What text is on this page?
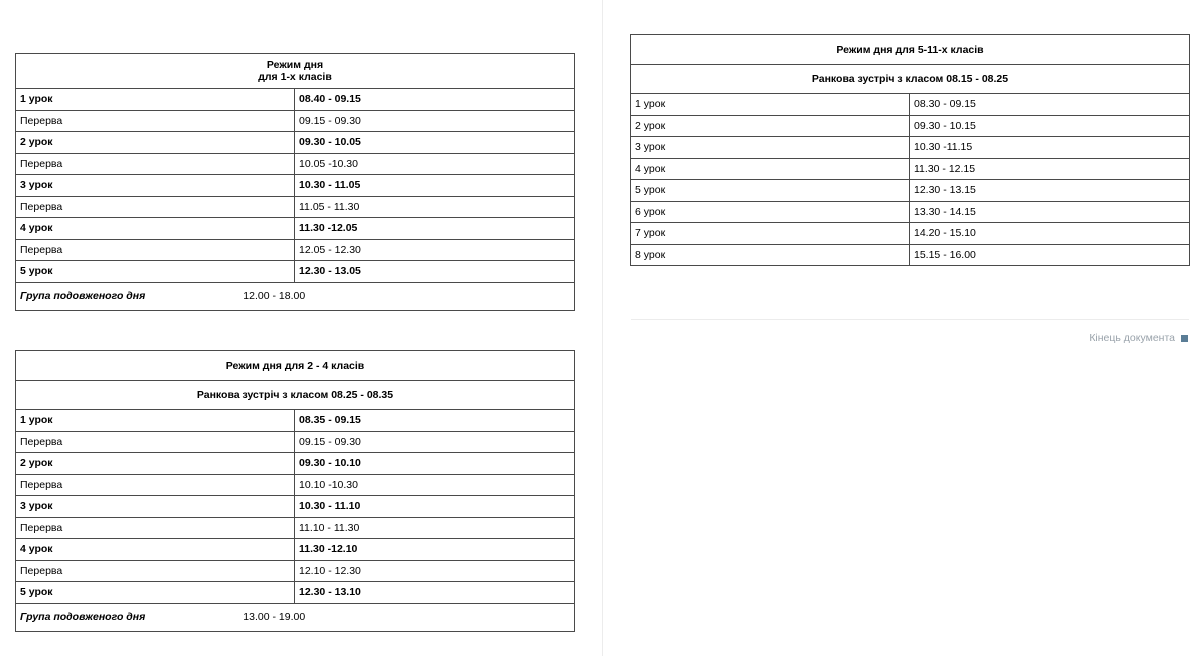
Режим дня
для 1-х класів	

1 урок	08.40 - 09.15
Перерва	09.15 - 09.30
2 урок	09.30 - 10.05
Перерва	10.05 -10.30
3 урок	10.30 - 11.05
Перерва	11.05 - 11.30
4 урок	11.30 -12.05
Перерва	12.05 - 12.30
5 урок	12.30 - 13.05
Група подовженого дня 12.00 - 18.00	
Режим дня для 2 - 4 класів	
Ранкова зустріч з класом 08.25 - 08.35	
1 урок	08.35 - 09.15
Перерва	09.15 - 09.30
2 урок	09.30 - 10.10
Перерва	10.10 -10.30
3 урок	10.30 - 11.10
Перерва	11.10 - 11.30
4 урок	11.30 -12.10
Перерва	12.10 - 12.30
5 урок	12.30 - 13.10
Група подовженого дня 13.00 - 19.00	
Режим дня для 5-11-х класів	
Ранкова зустріч з класом 08.15 - 08.25	
1 урок	08.30 - 09.15
2 урок	09.30 - 10.15
3 урок	10.30 -11.15
4 урок	11.30 - 12.15
5 урок	12.30 - 13.15
6 урок	13.30 - 14.15
7 урок	14.20 - 15.10
8 урок	15.15 - 16.00
Кінець документа
